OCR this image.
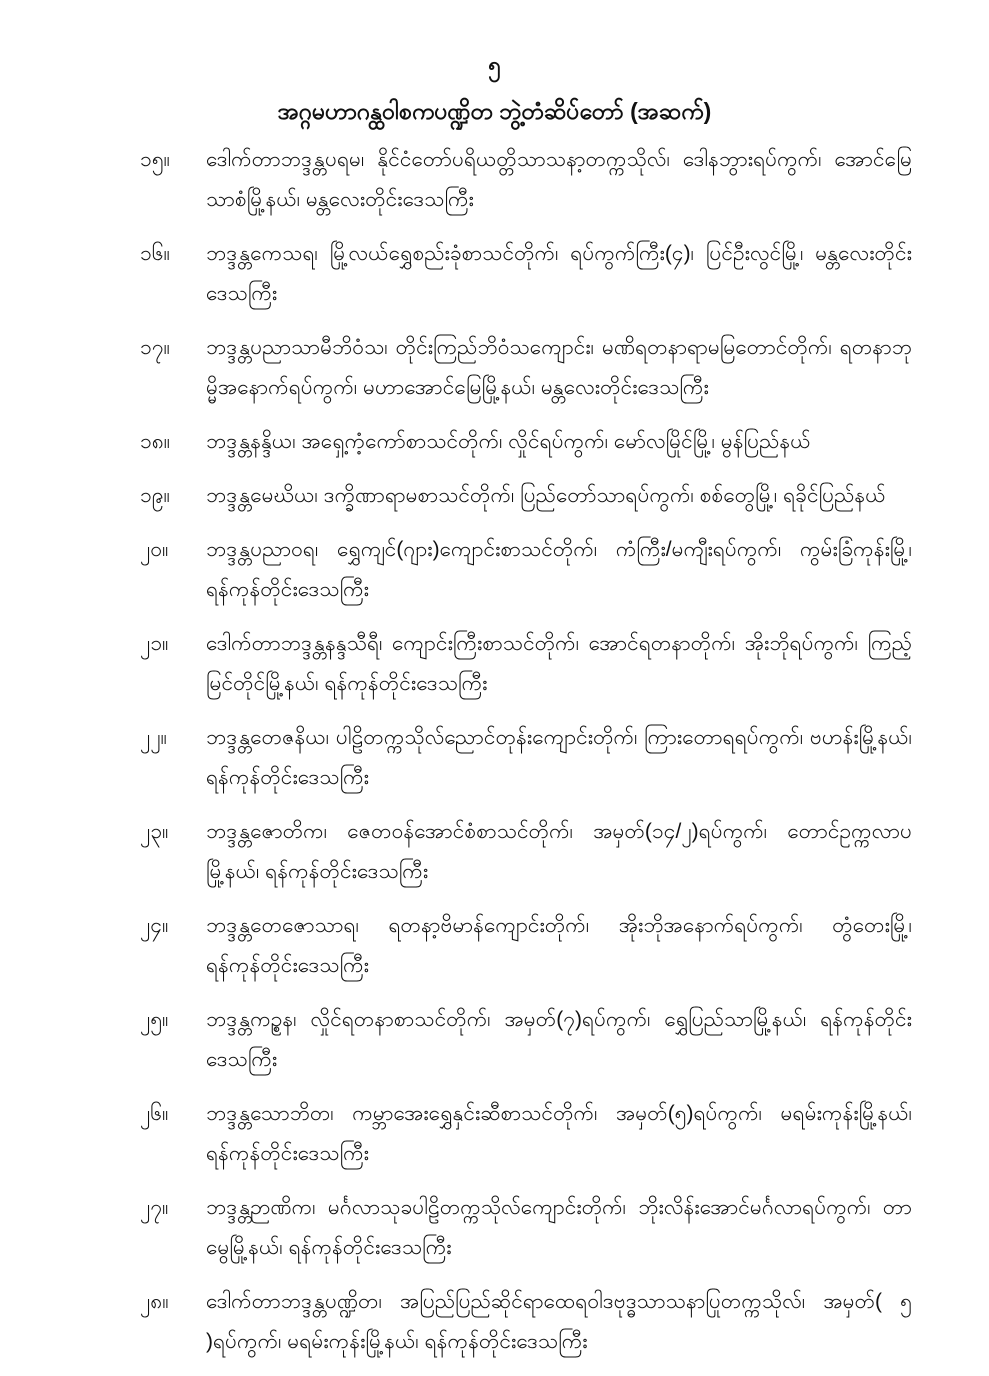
၅
အဂ္ဂမဟာဂန္ထဝါစကပဏ္ဍိတ ဘွဲ့တံဆိပ်တော် (အဆက်)
၁၅။	ဒေါက်တာဘဒ္ဒန္တပရမ၊ နိုင်ငံတော်ပရိယတ္တိသာသနာ့တက္ကသိုလ်၊ ဒေါနဘွားရပ်ကွက်၊ အောင်မြေသာစံမြို့နယ်၊ မန္တလေးတိုင်းဒေသကြီး
၁၆။	ဘဒ္ဒန္တကေသရ၊ မြို့လယ်ရွှေစည်းခုံစာသင်တိုက်၊ ရပ်ကွက်ကြီး(၄)၊ ပြင်ဦးလွင်မြို့၊ မန္တလေးတိုင်းဒေသကြီး
၁၇။	ဘဒ္ဒန္တပညာသာမီဘိဝံသ၊ တိုင်းကြည်ဘိဝံသကျောင်း၊ မဏိရတနာရာမမြတောင်တိုက်၊ ရတနာဘုမ္မိအနောက်ရပ်ကွက်၊ မဟာအောင်မြေမြို့နယ်၊ မန္တလေးတိုင်းဒေသကြီး
၁၈။	ဘဒ္ဒန္တနန္ဒိယ၊ အရှေ့ကံ့ကော်စာသင်တိုက်၊ လှိုင်ရပ်ကွက်၊ မော်လမြိုင်မြို့၊ မွန်ပြည်နယ်
၁၉။	ဘဒ္ဒန္တမေဃိယ၊ ဒက္ခိဏာရာမစာသင်တိုက်၊ ပြည်တော်သာရပ်ကွက်၊ စစ်တွေမြို့၊ ရခိုင်ပြည်နယ်
၂၀။	ဘဒ္ဒန္တပညာဝရ၊ ရွှေကျင်(ဂျား)ကျောင်းစာသင်တိုက်၊ ကံကြီး/မကျီးရပ်ကွက်၊ ကွမ်းခြံကုန်းမြို့၊ ရန်ကုန်တိုင်းဒေသကြီး
၂၁။	ဒေါက်တာဘဒ္ဒန္တနန္ဒသီရီ၊ ကျောင်းကြီးစာသင်တိုက်၊ အောင်ရတနာတိုက်၊ အိုးဘိုရပ်ကွက်၊ ကြည့်မြင်တိုင်မြို့နယ်၊ ရန်ကုန်တိုင်းဒေသကြီး
၂၂။	ဘဒ္ဒန္တတေဇနိယ၊ ပါဠိတက္ကသိုလ်ညောင်တုန်းကျောင်းတိုက်၊ ကြားတောရရပ်ကွက်၊ ဗဟန်းမြို့နယ်၊ ရန်ကုန်တိုင်းဒေသကြီး
၂၃။	ဘဒ္ဒန္တဇောတိက၊ ဇေတဝန်အောင်စံစာသင်တိုက်၊ အမှတ်(၁၄/၂)ရပ်ကွက်၊ တောင်ဥက္ကလာပမြို့နယ်၊ ရန်ကုန်တိုင်းဒေသကြီး
၂၄။	ဘဒ္ဒန္တတေဇောသာရ၊ ရတနာ့ဗိမာန်ကျောင်းတိုက်၊ အိုးဘိုအနောက်ရပ်ကွက်၊ တွံတေးမြို့၊ ရန်ကုန်တိုင်းဒေသကြီး
၂၅။	ဘဒ္ဒန္တကဉ္စန၊ လှိုင်ရတနာစာသင်တိုက်၊ အမှတ်(၇)ရပ်ကွက်၊ ရွှေပြည်သာမြို့နယ်၊ ရန်ကုန်တိုင်းဒေသကြီး
၂၆။	ဘဒ္ဒန္တသောဘိတ၊ ကမ္ဘာအေးရွှေနှင်းဆီစာသင်တိုက်၊ အမှတ်(၅)ရပ်ကွက်၊ မရမ်းကုန်းမြို့နယ်၊ ရန်ကုန်တိုင်းဒေသကြီး
၂၇။	ဘဒ္ဒန္တဉာဏိက၊ မင်္ဂလာသုခပါဠိတက္ကသိုလ်ကျောင်းတိုက်၊ ဘိုးလိန်းအောင်မင်္ဂလာရပ်ကွက်၊ တာမွေမြို့နယ်၊ ရန်ကုန်တိုင်းဒေသကြီး
၂၈။	ဒေါက်တာဘဒ္ဒန္တပဏ္ဍိတ၊ အပြည်ပြည်ဆိုင်ရာထေရဝါဒဗုဒ္ဓသာသနာပြုတက္ကသိုလ်၊ အမှတ်( ၅ )ရပ်ကွက်၊ မရမ်းကုန်းမြို့နယ်၊ ရန်ကုန်တိုင်းဒေသကြီး
